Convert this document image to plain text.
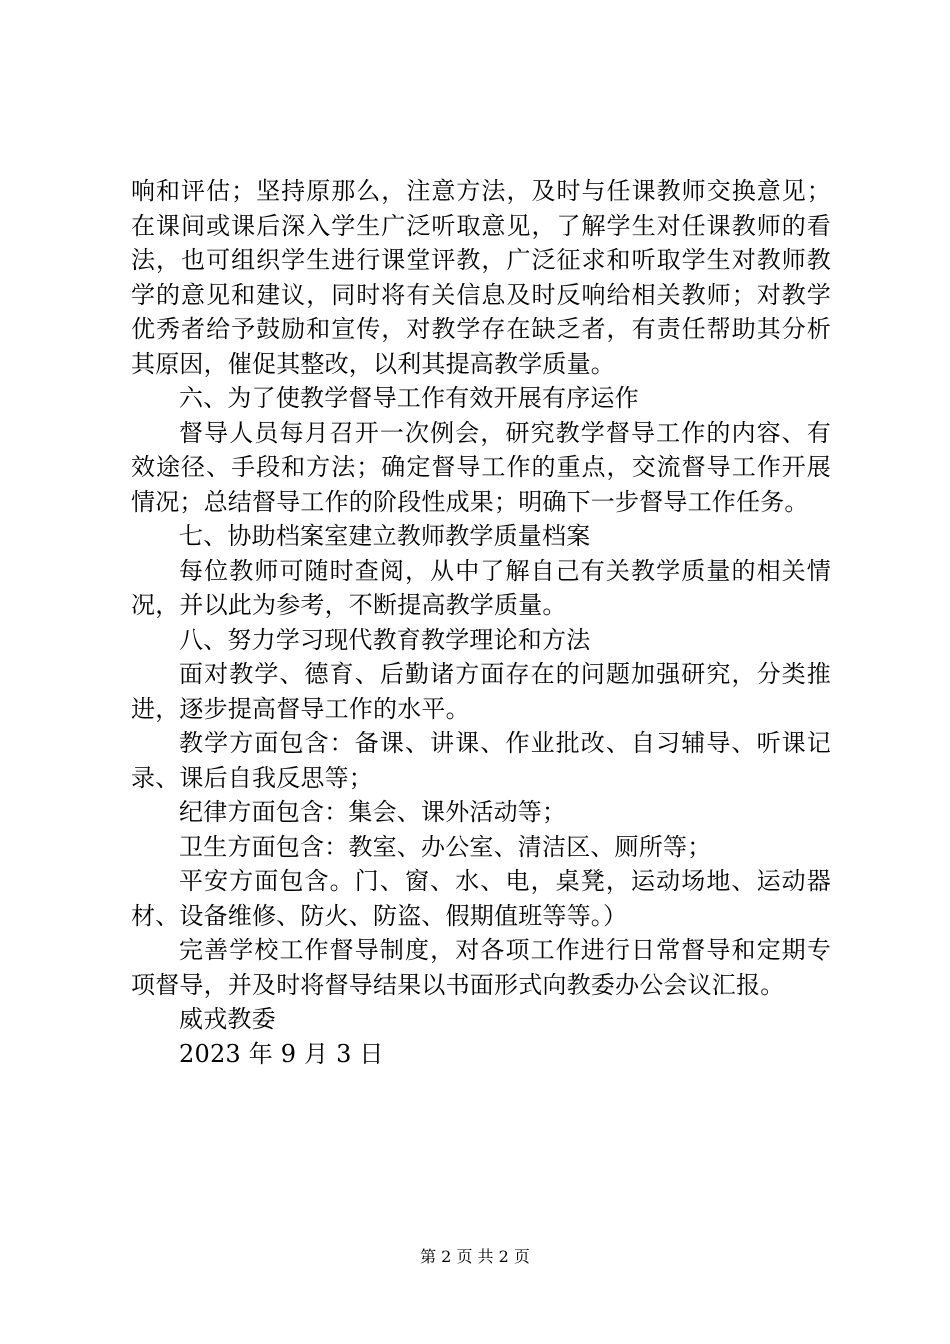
响和评估；坚持原那么，注意方法，及时与任课教师交换意见；在课间或课后深入学生广泛听取意见，了解学生对任课教师的看法，也可组织学生进行课堂评教，广泛征求和听取学生对教师教学的意见和建议，同时将有关信息及时反响给相关教师；对教学优秀者给予鼓励和宣传，对教学存在缺乏者，有责任帮助其分析其原因，催促其整改，以利其提高教学质量。

六、为了使教学督导工作有效开展有序运作

督导人员每月召开一次例会，研究教学督导工作的内容、有效途径、手段和方法；确定督导工作的重点，交流督导工作开展情况；总结督导工作的阶段性成果；明确下一步督导工作任务。

七、协助档案室建立教师教学质量档案

每位教师可随时查阅，从中了解自己有关教学质量的相关情况，并以此为参考，不断提高教学质量。

八、努力学习现代教育教学理论和方法

面对教学、德育、后勤诸方面存在的问题加强研究，分类推进，逐步提高督导工作的水平。

教学方面包含：备课、讲课、作业批改、自习辅导、听课记录、课后自我反思等；

纪律方面包含：集会、课外活动等；

卫生方面包含：教室、办公室、清洁区、厕所等；

平安方面包含。门、窗、水、电，桌凳，运动场地、运动器材、设备维修、防火、防盗、假期值班等等。）

完善学校工作督导制度，对各项工作进行日常督导和定期专项督导，并及时将督导结果以书面形式向教委办公会议汇报。

威戎教委

2023 年 9 月 3 日

第 2 页 共 2 页
